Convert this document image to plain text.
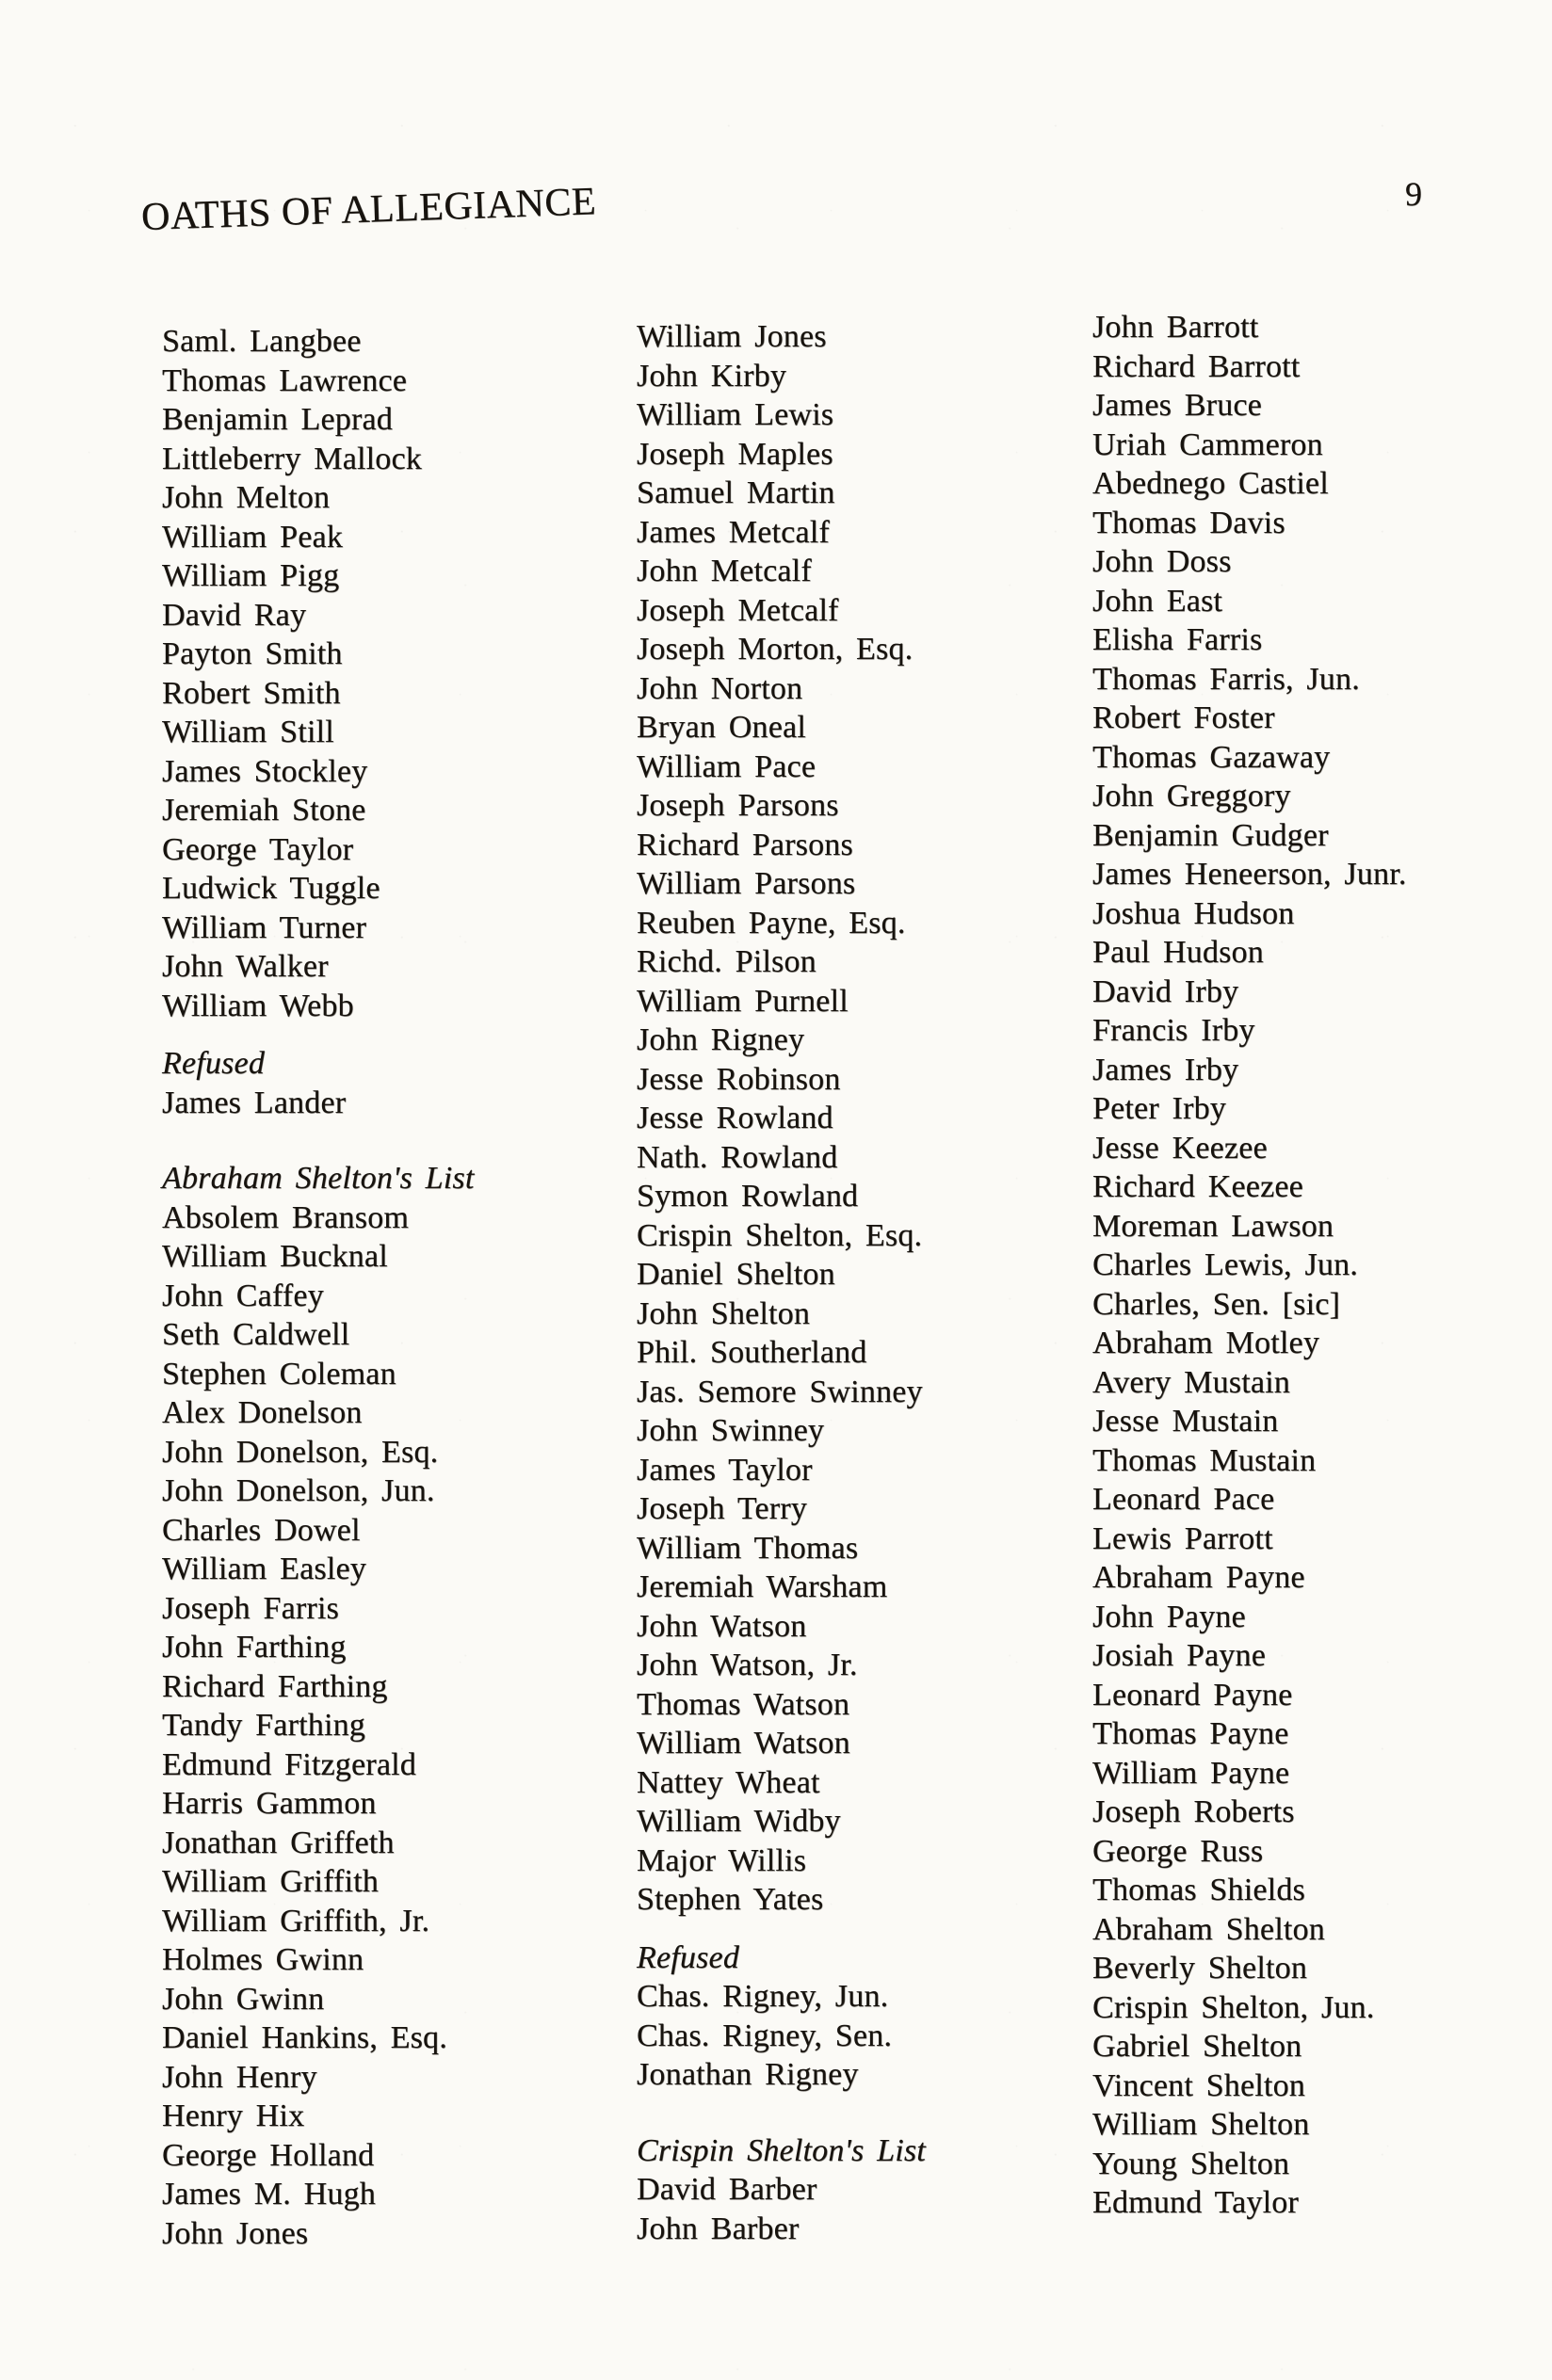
OATHS OF ALLEGIANCE	9
Saml. Langbee
Thomas Lawrence
Benjamin Leprad
Littleberry Mallock
John Melton
William Peak
William Pigg
David Ray
Payton Smith
Robert Smith
William Still
James Stockley
Jeremiah Stone
George Taylor
Ludwick Tuggle
William Turner
John Walker
William Webb
Refused
James Lander
Abraham Shelton's List
Absolem Bransom
William Bucknal
John Caffey
Seth Caldwell
Stephen Coleman
Alex Donelson
John Donelson, Esq.
John Donelson, Jun.
Charles Dowel
William Easley
Joseph Farris
John Farthing
Richard Farthing
Tandy Farthing
Edmund Fitzgerald
Harris Gammon
Jonathan Griffeth
William Griffith
William Griffith, Jr.
Holmes Gwinn
John Gwinn
Daniel Hankins, Esq.
John Henry
Henry Hix
George Holland
James M. Hugh
John Jones
William Jones
John Kirby
William Lewis
Joseph Maples
Samuel Martin
James Metcalf
John Metcalf
Joseph Metcalf
Joseph Morton, Esq.
John Norton
Bryan Oneal
William Pace
Joseph Parsons
Richard Parsons
William Parsons
Reuben Payne, Esq.
Richd. Pilson
William Purnell
John Rigney
Jesse Robinson
Jesse Rowland
Nath. Rowland
Symon Rowland
Crispin Shelton, Esq.
Daniel Shelton
John Shelton
Phil. Southerland
Jas. Semore Swinney
John Swinney
James Taylor
Joseph Terry
William Thomas
Jeremiah Warsham
John Watson
John Watson, Jr.
Thomas Watson
William Watson
Nattey Wheat
William Widby
Major Willis
Stephen Yates
Refused
Chas. Rigney, Jun.
Chas. Rigney, Sen.
Jonathan Rigney
Crispin Shelton's List
David Barber
John Barber
John Barrott
Richard Barrott
James Bruce
Uriah Cammeron
Abednego Castiel
Thomas Davis
John Doss
John East
Elisha Farris
Thomas Farris, Jun.
Robert Foster
Thomas Gazaway
John Greggory
Benjamin Gudger
James Heneerson, Junr.
Joshua Hudson
Paul Hudson
David Irby
Francis Irby
James Irby
Peter Irby
Jesse Keezee
Richard Keezee
Moreman Lawson
Charles Lewis, Jun.
Charles, Sen. [sic]
Abraham Motley
Avery Mustain
Jesse Mustain
Thomas Mustain
Leonard Pace
Lewis Parrott
Abraham Payne
John Payne
Josiah Payne
Leonard Payne
Thomas Payne
William Payne
Joseph Roberts
George Russ
Thomas Shields
Abraham Shelton
Beverly Shelton
Crispin Shelton, Jun.
Gabriel Shelton
Vincent Shelton
William Shelton
Young Shelton
Edmund Taylor
